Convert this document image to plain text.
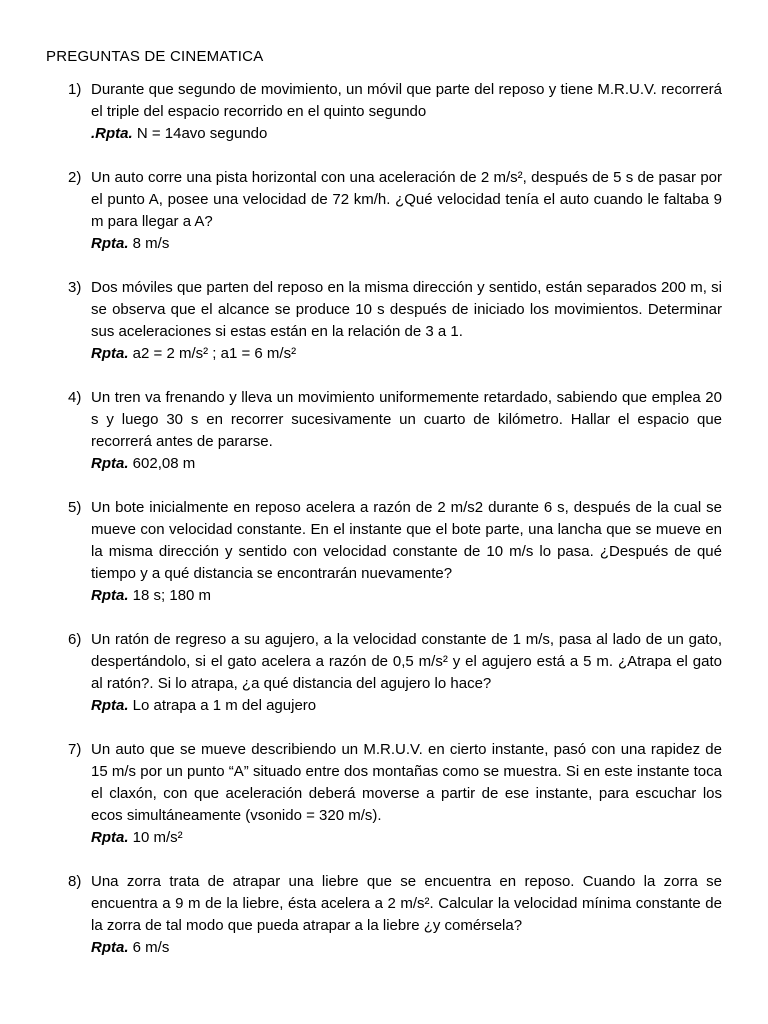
PREGUNTAS DE CINEMATICA
1) Durante que segundo de movimiento, un móvil que parte del reposo y tiene M.R.U.V. recorrerá el triple del espacio recorrido en el quinto segundo

.Rpta. N = 14avo segundo

2) Un auto corre una pista horizontal con una aceleración de 2 m/s², después de 5 s de pasar por el punto A, posee una velocidad de 72 km/h. ¿Qué velocidad tenía el auto cuando le faltaba 9 m para llegar a A?

Rpta. 8 m/s

3) Dos móviles que parten del reposo en la misma dirección y sentido, están separados 200 m, si se observa que el alcance se produce 10 s después de iniciado los movimientos. Determinar sus aceleraciones si estas están en la relación de 3 a 1.

Rpta. a2 = 2 m/s² ; a1 = 6 m/s²

4) Un tren va frenando y lleva un movimiento uniformemente retardado, sabiendo que emplea 20 s y luego 30 s en recorrer sucesivamente un cuarto de kilómetro. Hallar el espacio que recorrerá antes de pararse.

Rpta. 602,08 m

5) Un bote inicialmente en reposo acelera a razón de 2 m/s2 durante 6 s, después de la cual se mueve con velocidad constante. En el instante que el bote parte, una lancha que se mueve en la misma dirección y sentido con velocidad constante de 10 m/s lo pasa. ¿Después de qué tiempo y a qué distancia se encontrarán nuevamente?

Rpta. 18 s; 180 m

6) Un ratón de regreso a su agujero, a la velocidad constante de 1 m/s, pasa al lado de un gato, despertándolo, si el gato acelera a razón de 0,5 m/s² y el agujero está a 5 m. ¿Atrapa el gato al ratón?. Si lo atrapa, ¿a qué distancia del agujero lo hace?

Rpta. Lo atrapa a 1 m del agujero

7) Un auto que se mueve describiendo un M.R.U.V. en cierto instante, pasó con una rapidez de 15 m/s por un punto “A” situado entre dos montañas como se muestra. Si en este instante toca el claxón, con que aceleración deberá moverse a partir de ese instante, para escuchar los ecos simultáneamente (vsonido = 320 m/s).

Rpta. 10 m/s²

8) Una zorra trata de atrapar una liebre que se encuentra en reposo. Cuando la zorra se encuentra a 9 m de la liebre, ésta acelera a 2 m/s². Calcular la velocidad mínima constante de la zorra de tal modo que pueda atrapar a la liebre ¿y comérsela?

Rpta. 6 m/s
